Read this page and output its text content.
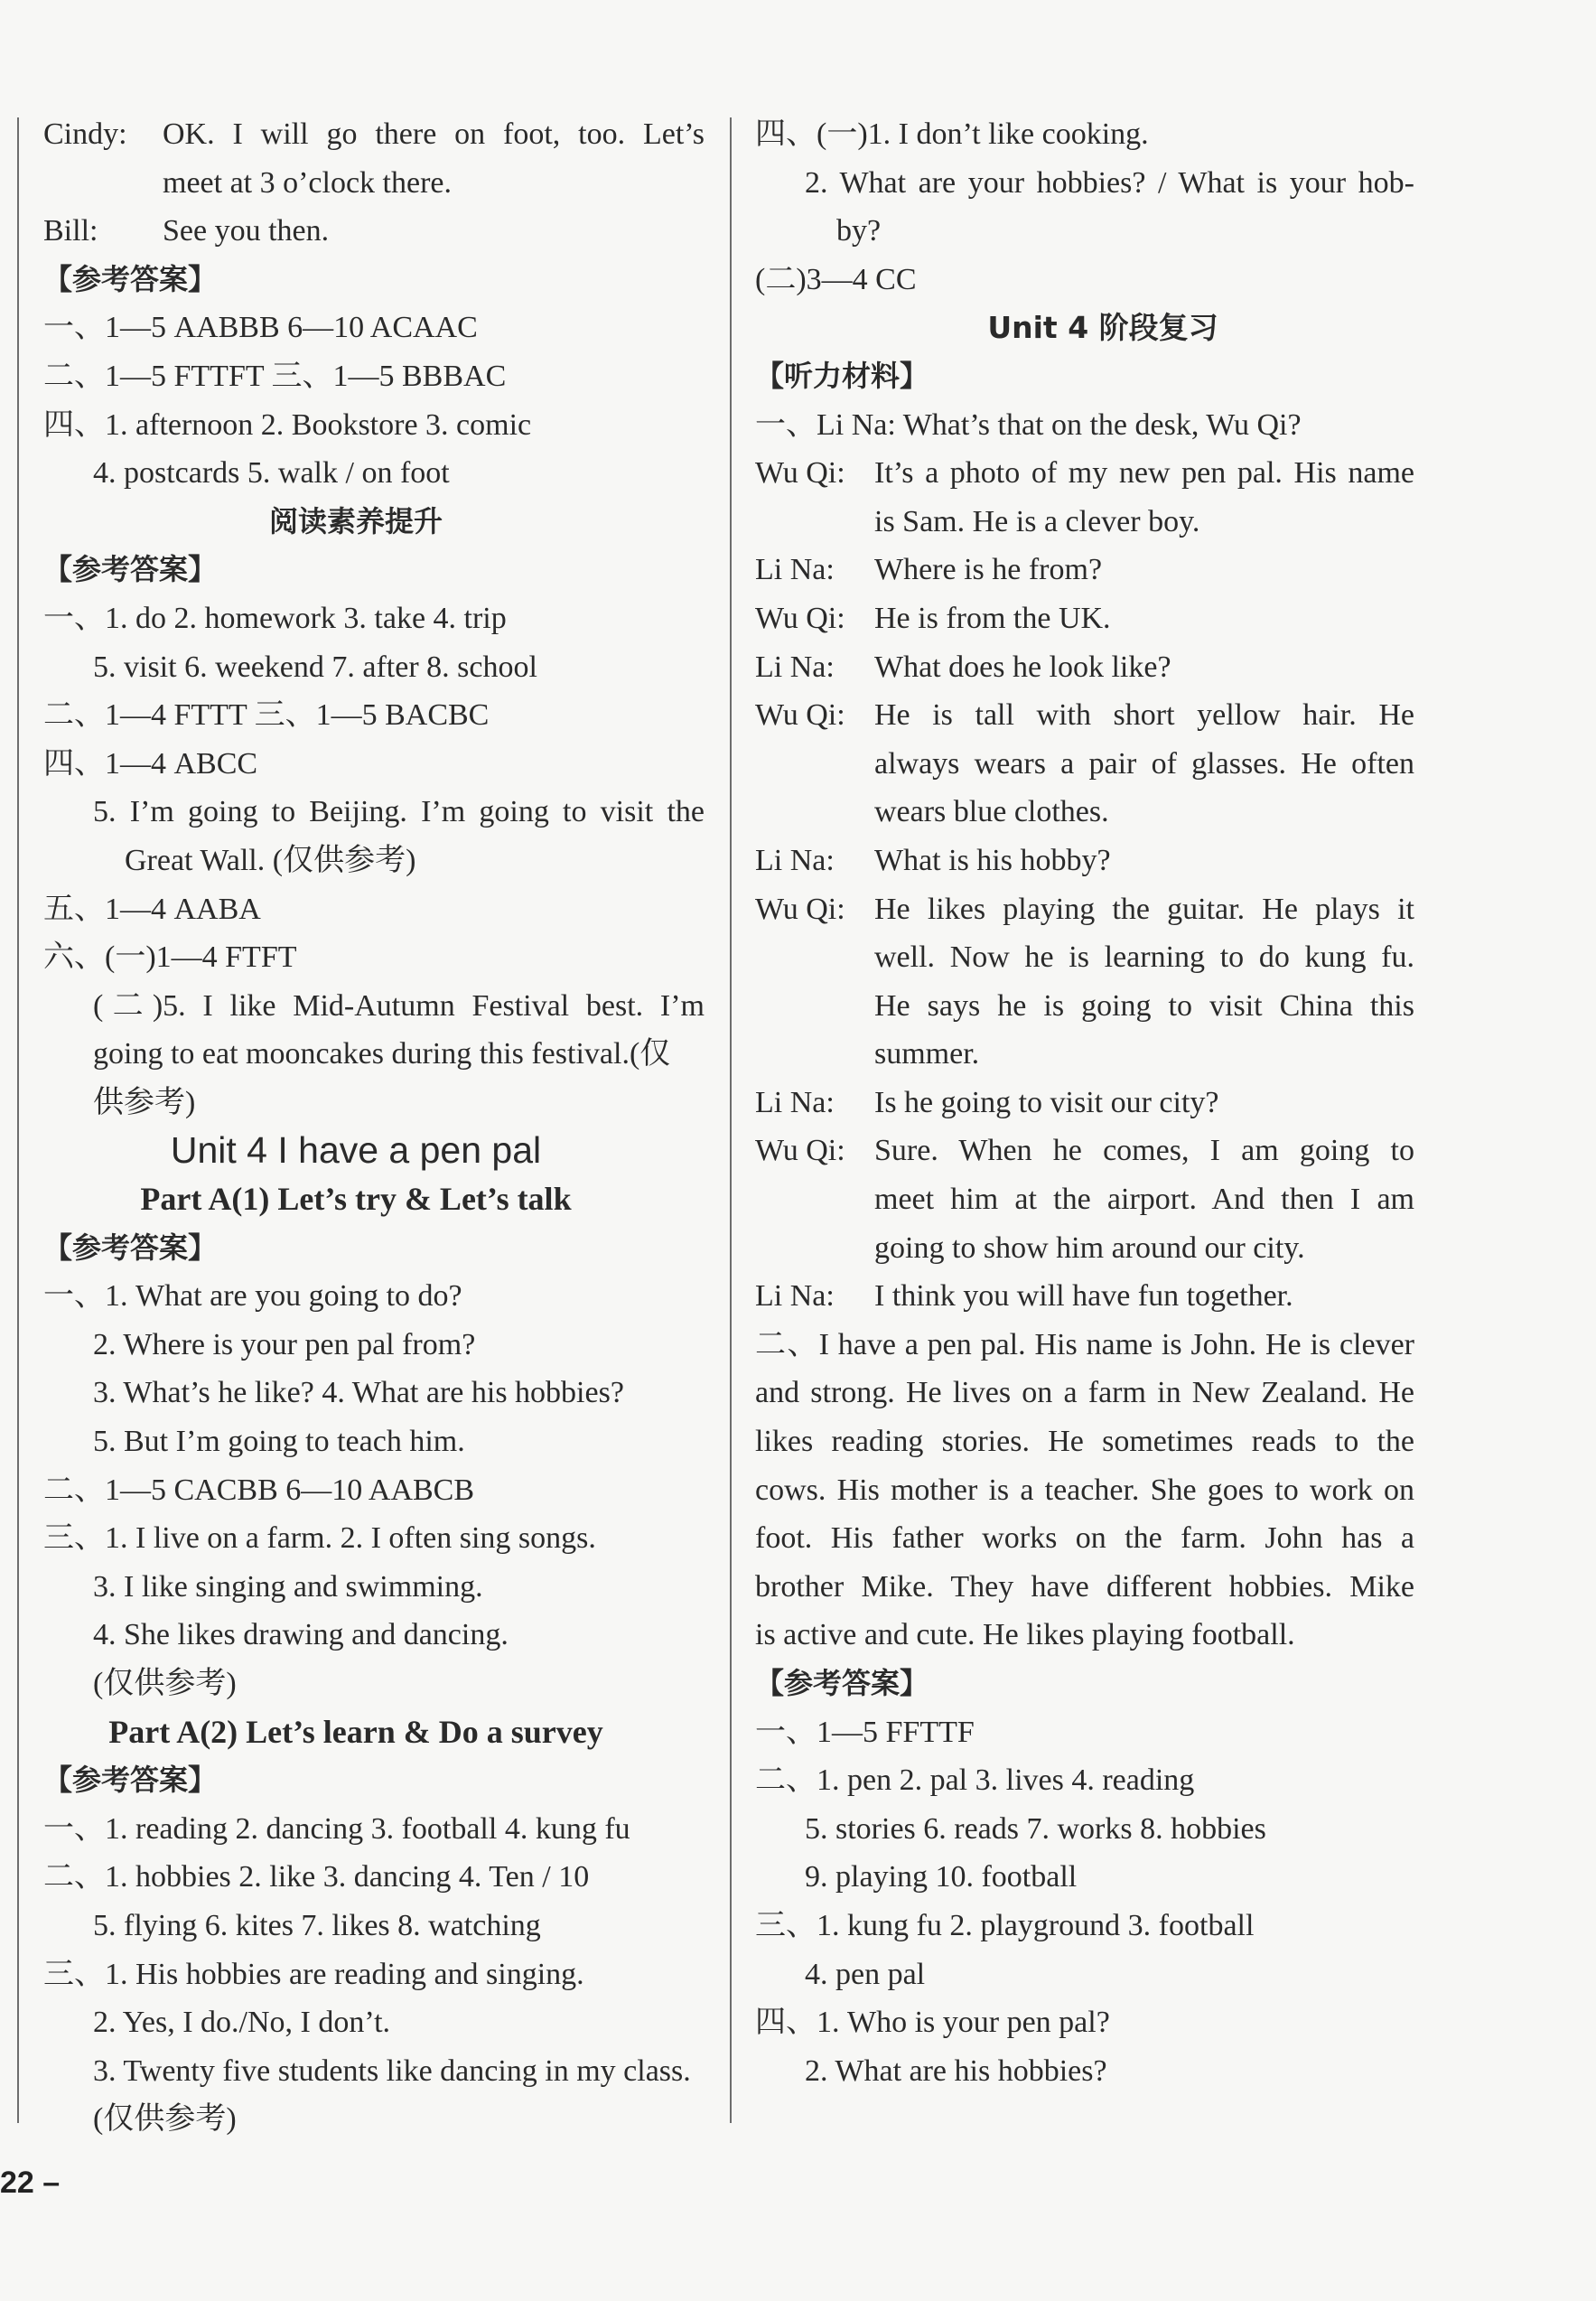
Cindy:	OK. I will go there on foot, too. Let’s
meet at 3 o’clock there.
Bill:	See you then.
【参考答案】
一、1—5 AABBB 6—10 ACAAC
二、1—5 FTTFT 三、1—5 BBBAC
四、1. afternoon 2. Bookstore 3. comic
4. postcards 5. walk / on foot
阅读素养提升
【参考答案】
一、1. do 2. homework 3. take 4. trip
5. visit 6. weekend 7. after 8. school
二、1—4 FTTT 三、1—5 BACBC
四、1—4 ABCC
5. I’m going to Beijing. I’m going to visit the
Great Wall. (仅供参考)
五、1—4 AABA
六、(一)1—4 FTFT
(二)5. I like Mid-Autumn Festival best. I’m
going to eat mooncakes during this festival.(仅
供参考)
Unit 4 I have a pen pal
Part A(1) Let’s try & Let’s talk
【参考答案】
一、1. What are you going to do?
2. Where is your pen pal from?
3. What’s he like? 4. What are his hobbies?
5. But I’m going to teach him.
二、1—5 CACBB 6—10 AABCB
三、1. I live on a farm. 2. I often sing songs.
3. I like singing and swimming.
4. She likes drawing and dancing.
(仅供参考)
Part A(2) Let’s learn & Do a survey
【参考答案】
一、1. reading 2. dancing 3. football 4. kung fu
二、1. hobbies 2. like 3. dancing 4. Ten / 10
5. flying 6. kites 7. likes 8. watching
三、1. His hobbies are reading and singing.
2. Yes, I do./No, I don’t.
3. Twenty five students like dancing in my class.
(仅供参考)
四、(一)1. I don’t like cooking.
2. What are your hobbies? / What is your hob-
by?
(二)3—4 CC
Unit 4 阶段复习
【听力材料】
一、Li Na: What’s that on the desk, Wu Qi?
Wu Qi: It’s a photo of my new pen pal. His name
is Sam. He is a clever boy.
Li Na:	Where is he from?
Wu Qi: He is from the UK.
Li Na:	What does he look like?
Wu Qi: He is tall with short yellow hair. He
always wears a pair of glasses. He often
wears blue clothes.
Li Na:	What is his hobby?
Wu Qi: He likes playing the guitar. He plays it
well. Now he is learning to do kung fu.
He says he is going to visit China this
summer.
Li Na:	Is he going to visit our city?
Wu Qi: Sure. When he comes, I am going to
meet him at the airport. And then I am
going to show him around our city.
Li Na:	I think you will have fun together.
二、I have a pen pal. His name is John. He is clever
and strong. He lives on a farm in New Zealand. He
likes reading stories. He sometimes reads to the
cows. His mother is a teacher. She goes to work on
foot. His father works on the farm. John has a
brother Mike. They have different hobbies. Mike
is active and cute. He likes playing football.
【参考答案】
一、1—5 FFTTF
二、1. pen 2. pal 3. lives 4. reading
5. stories 6. reads 7. works 8. hobbies
9. playing 10. football
三、1. kung fu 2. playground 3. football
4. pen pal
四、1. Who is your pen pal?
2. What are his hobbies?
22 –
